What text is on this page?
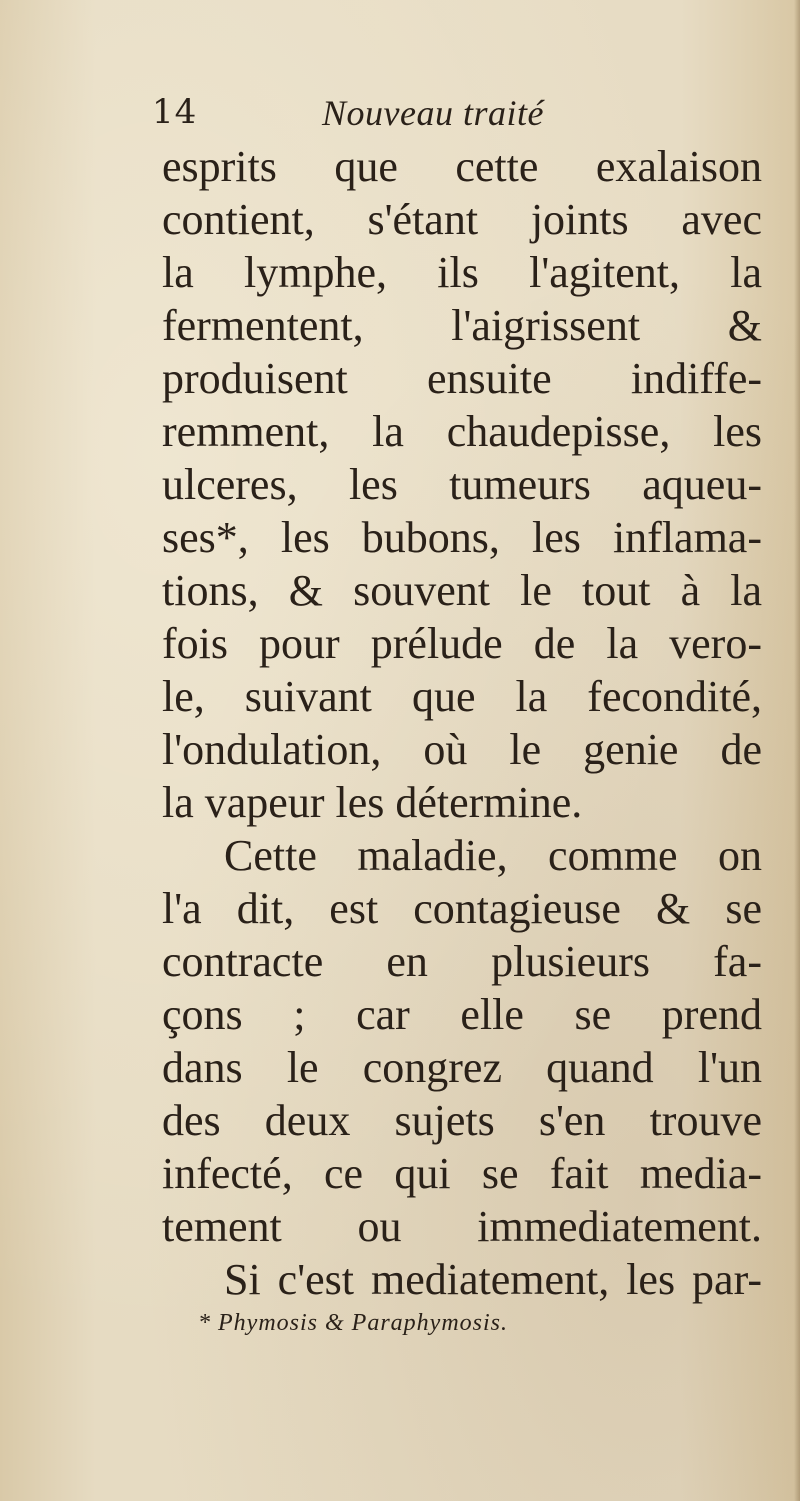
14	Nouveau traité
esprits que cette exalaison
contient, s'étant joints avec
la lymphe, ils l'agitent, la
fermentent, l'aigrissent &
produisent ensuite indiffe-
remment, la chaudepisse, les
ulceres, les tumeurs aqueu-
ses*, les bubons, les inflama-
tions, & souvent le tout à la
fois pour prélude de la vero-
le, suivant que la fecondité,
l'ondulation, où le genie de
la vapeur les détermine.
Cette maladie, comme on
l'a dit, est contagieuse & se
contracte en plusieurs fa-
çons ; car elle se prend
dans le congrez quand l'un
des deux sujets s'en trouve
infecté, ce qui se fait media-
tement ou immediatement.
Si c'est mediatement, les par-
* Phymosis & Paraphymosis.
